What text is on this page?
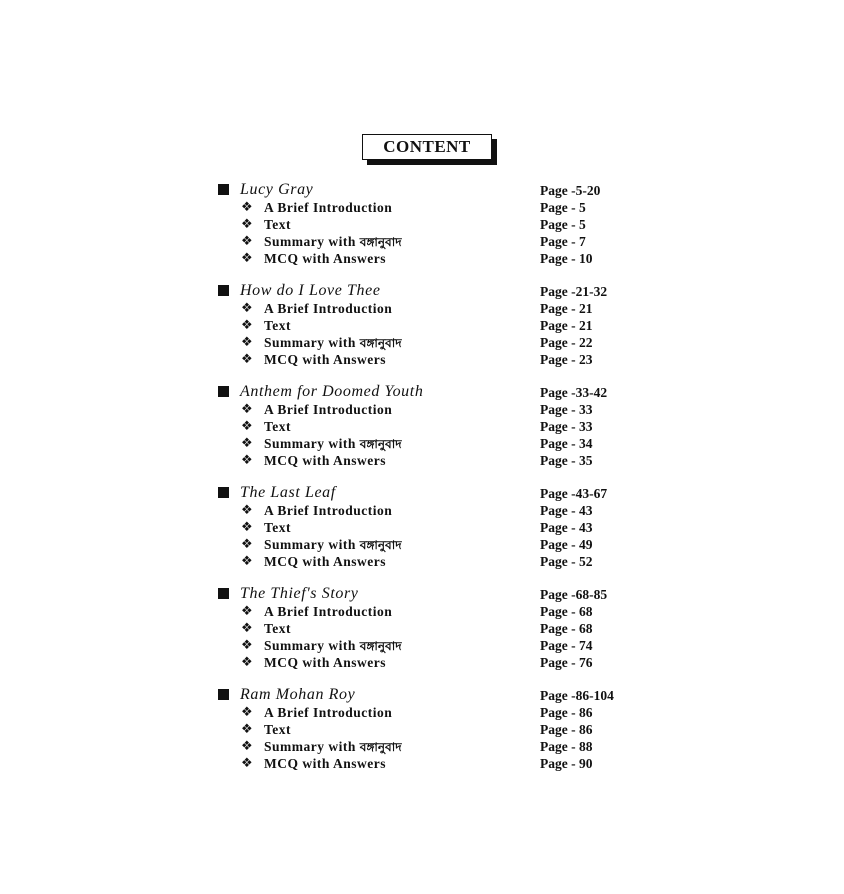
CONTENT
Lucy Gray	Page -5-20
❖ A Brief Introduction	Page - 5
❖ Text	Page - 5
❖ Summary with বঙ্গানুবাদ	Page - 7
❖ MCQ with Answers	Page - 10
How do I Love Thee	Page -21-32
❖ A Brief Introduction	Page - 21
❖ Text	Page - 21
❖ Summary with বঙ্গানুবাদ	Page - 22
❖ MCQ with Answers	Page - 23
Anthem for Doomed Youth	Page -33-42
❖ A Brief Introduction	Page - 33
❖ Text	Page - 33
❖ Summary with বঙ্গানুবাদ	Page - 34
❖ MCQ with Answers	Page - 35
The Last Leaf	Page -43-67
❖ A Brief Introduction	Page - 43
❖ Text	Page - 43
❖ Summary with বঙ্গানুবাদ	Page - 49
❖ MCQ with Answers	Page - 52
The Thief's Story	Page -68-85
❖ A Brief Introduction	Page - 68
❖ Text	Page - 68
❖ Summary with বঙ্গানুবাদ	Page - 74
❖ MCQ with Answers	Page - 76
Ram Mohan Roy	Page -86-104
❖ A Brief Introduction	Page - 86
❖ Text	Page - 86
❖ Summary with বঙ্গানুবাদ	Page - 88
❖ MCQ with Answers	Page - 90
